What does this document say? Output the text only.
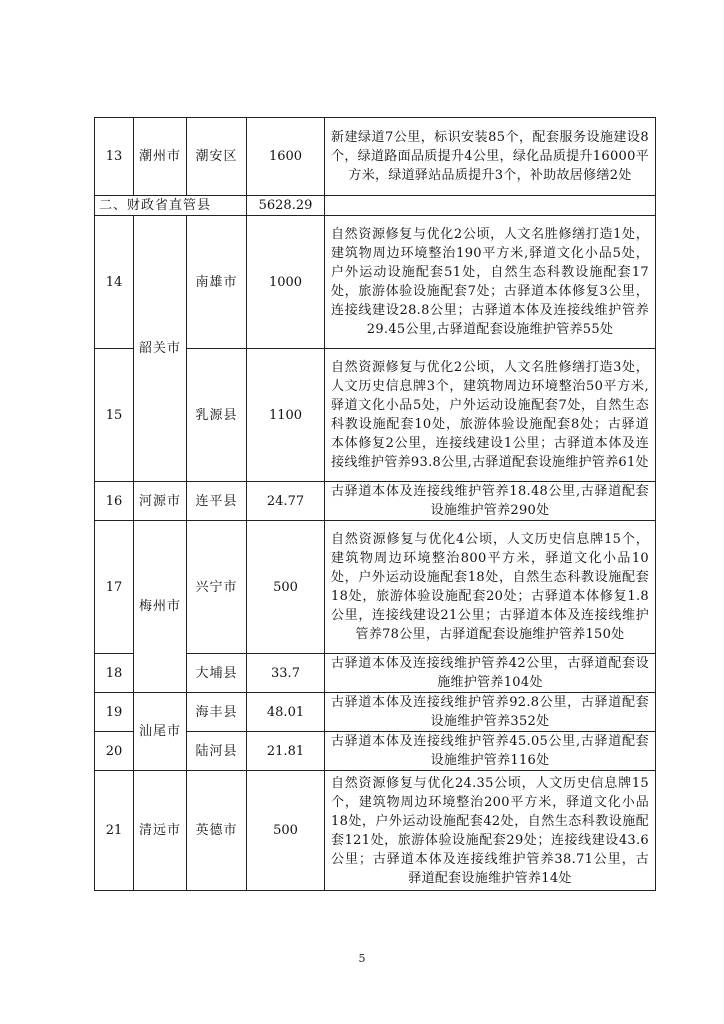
13	潮州市	潮安区	1600	新建绿道7公里，标识安装85个，配套服务设施建设8个，绿道路面品质提升4公里，绿化品质提升16000平方米，绿道驿站品质提升3个，补助故居修缮2处
二、财政省直管县			5628.29	
14	韶关市	南雄市	1000	自然资源修复与优化2公顷，人文名胜修缮打造1处，建筑物周边环境整治190平方米,驿道文化小品5处，户外运动设施配套51处，自然生态科教设施配套17处，旅游体验设施配套7处；古驿道本体修复3公里，连接线建设28.8公里；古驿道本体及连接线维护管养29.45公里,古驿道配套设施维护管养55处
15		乳源县	1100	自然资源修复与优化2公顷，人文名胜修缮打造3处，人文历史信息牌3个，建筑物周边环境整治50平方米,驿道文化小品5处，户外运动设施配套7处，自然生态科教设施配套10处，旅游体验设施配套8处；古驿道本体修复2公里，连接线建设1公里；古驿道本体及连接线维护管养93.8公里,古驿道配套设施维护管养61处
16	河源市	连平县	24.77	古驿道本体及连接线维护管养18.48公里,古驿道配套设施维护管养290处
17	梅州市	兴宁市	500	自然资源修复与优化4公顷，人文历史信息牌15个，建筑物周边环境整治800平方米，驿道文化小品10处，户外运动设施配套18处，自然生态科教设施配套18处，旅游体验设施配套20处；古驿道本体修复1.8公里，连接线建设21公里；古驿道本体及连接线维护管养78公里，古驿道配套设施维护管养150处
18		大埔县	33.7	古驿道本体及连接线维护管养42公里，古驿道配套设施维护管养104处
19	汕尾市	海丰县	48.01	古驿道本体及连接线维护管养92.8公里，古驿道配套设施维护管养352处
20		陆河县	21.81	古驿道本体及连接线维护管养45.05公里,古驿道配套设施维护管养116处
21	清远市	英德市	500	自然资源修复与优化24.35公顷，人文历史信息牌15个，建筑物周边环境整治200平方米，驿道文化小品18处，户外运动设施配套42处，自然生态科教设施配套121处，旅游体验设施配套29处；连接线建设43.6公里；古驿道本体及连接线维护管养38.71公里，古驿道配套设施维护管养14处
5
